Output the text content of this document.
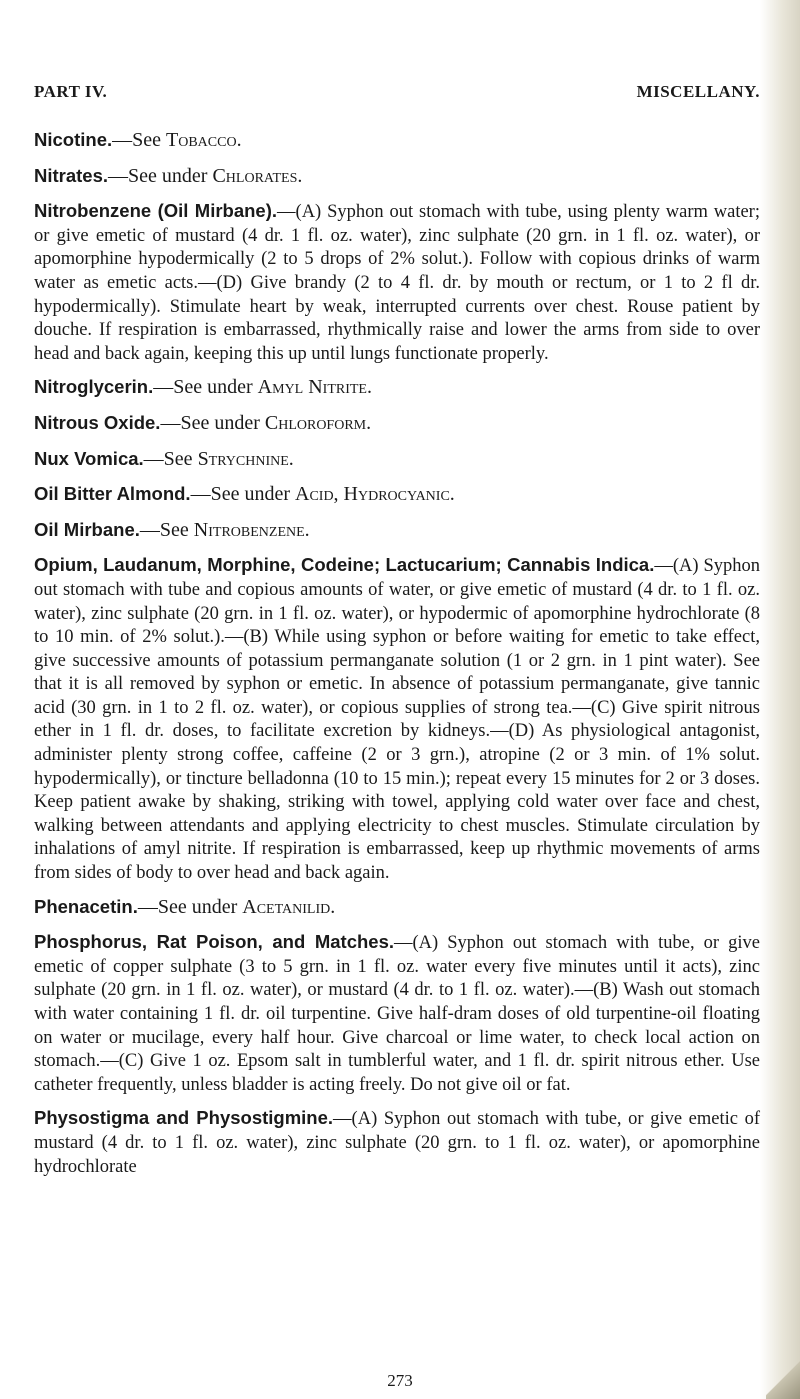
PART IV.	MISCELLANY.

Nicotine.—See Tobacco.

Nitrates.—See under Chlorates.

Nitrobenzene (Oil Mirbane).—(A) Syphon out stomach with tube, using plenty warm water; or give emetic of mustard (4 dr. 1 fl. oz. water), zinc sulphate (20 grn. in 1 fl. oz. water), or apomorphine hypodermically (2 to 5 drops of 2% solut.). Follow with copious drinks of warm water as emetic acts.—(D) Give brandy (2 to 4 fl. dr. by mouth or rectum, or 1 to 2 fl dr. hypodermically). Stimulate heart by weak, interrupted currents over chest. Rouse patient by douche. If respiration is embarrassed, rhythmically raise and lower the arms from side to over head and back again, keeping this up until lungs functionate properly.

Nitroglycerin.—See under Amyl Nitrite.

Nitrous Oxide.—See under Chloroform.

Nux Vomica.—See Strychnine.

Oil Bitter Almond.—See under Acid, Hydrocyanic.

Oil Mirbane.—See Nitrobenzene.

Opium, Laudanum, Morphine, Codeine; Lactucarium; Cannabis Indica.—(A) Syphon out stomach with tube and copious amounts of water, or give emetic of mustard (4 dr. to 1 fl. oz. water), zinc sulphate (20 grn. in 1 fl. oz. water), or hypodermic of apomorphine hydrochlorate (8 to 10 min. of 2% solut.).—(B) While using syphon or before waiting for emetic to take effect, give successive amounts of potassium permanganate solution (1 or 2 grn. in 1 pint water). See that it is all removed by syphon or emetic. In absence of potassium permanganate, give tannic acid (30 grn. in 1 to 2 fl. oz. water), or copious supplies of strong tea.—(C) Give spirit nitrous ether in 1 fl. dr. doses, to facilitate excretion by kidneys.—(D) As physiological antagonist, administer plenty strong coffee, caffeine (2 or 3 grn.), atropine (2 or 3 min. of 1% solut. hypodermically), or tincture belladonna (10 to 15 min.); repeat every 15 minutes for 2 or 3 doses. Keep patient awake by shaking, striking with towel, applying cold water over face and chest, walking between attendants and applying electricity to chest muscles. Stimulate circulation by inhalations of amyl nitrite. If respiration is embarrassed, keep up rhythmic movements of arms from sides of body to over head and back again.

Phenacetin.—See under Acetanilid.

Phosphorus, Rat Poison, and Matches.—(A) Syphon out stomach with tube, or give emetic of copper sulphate (3 to 5 grn. in 1 fl. oz. water every five minutes until it acts), zinc sulphate (20 grn. in 1 fl. oz. water), or mustard (4 dr. to 1 fl. oz. water).—(B) Wash out stomach with water containing 1 fl. dr. oil turpentine. Give half-dram doses of old turpentine-oil floating on water or mucilage, every half hour. Give charcoal or lime water, to check local action on stomach.—(C) Give 1 oz. Epsom salt in tumblerful water, and 1 fl. dr. spirit nitrous ether. Use catheter frequently, unless bladder is acting freely. Do not give oil or fat.

Physostigma and Physostigmine.—(A) Syphon out stomach with tube, or give emetic of mustard (4 dr. to 1 fl. oz. water), zinc sulphate (20 grn. to 1 fl. oz. water), or apomorphine hydrochlorate

273
